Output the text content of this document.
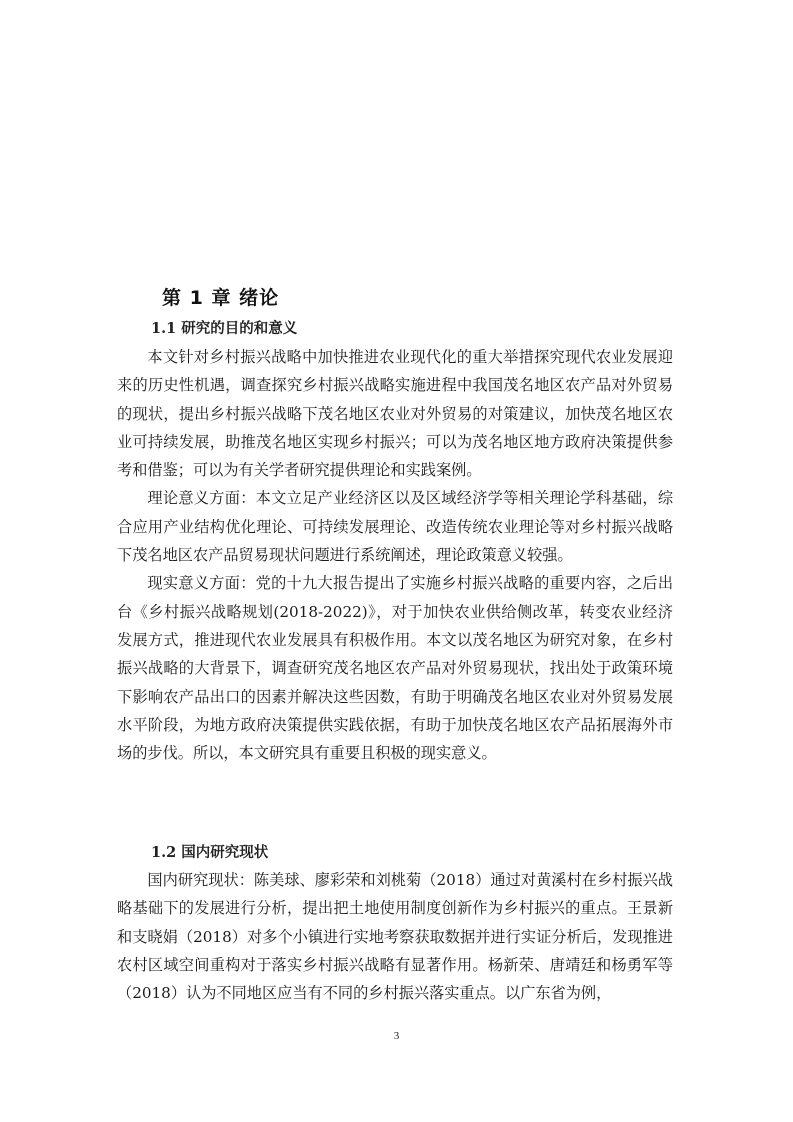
第 1 章 绪论
1.1 研究的目的和意义

本文针对乡村振兴战略中加快推进农业现代化的重大举措探究现代农业发展迎来的历史性机遇，调查探究乡村振兴战略实施进程中我国茂名地区农产品对外贸易的现状，提出乡村振兴战略下茂名地区农业对外贸易的对策建议，加快茂名地区农业可持续发展，助推茂名地区实现乡村振兴；可以为茂名地区地方政府决策提供参考和借鉴；可以为有关学者研究提供理论和实践案例。

理论意义方面：本文立足产业经济区以及区域经济学等相关理论学科基础，综合应用产业结构优化理论、可持续发展理论、改造传统农业理论等对乡村振兴战略下茂名地区农产品贸易现状问题进行系统阐述，理论政策意义较强。

现实意义方面：党的十九大报告提出了实施乡村振兴战略的重要内容，之后出台《乡村振兴战略规划(2018-2022)》，对于加快农业供给侧改革，转变农业经济发展方式，推进现代农业发展具有积极作用。本文以茂名地区为研究对象，在乡村振兴战略的大背景下，调查研究茂名地区农产品对外贸易现状，找出处于政策环境下影响农产品出口的因素并解决这些因数，有助于明确茂名地区农业对外贸易发展水平阶段，为地方政府决策提供实践依据，有助于加快茂名地区农产品拓展海外市场的步伐。所以，本文研究具有重要且积极的现实意义。

1.2 国内研究现状

国内研究现状：陈美球、廖彩荣和刘桃菊（2018）通过对黄溪村在乡村振兴战略基础下的发展进行分析，提出把土地使用制度创新作为乡村振兴的重点。王景新和支晓娟（2018）对多个小镇进行实地考察获取数据并进行实证分析后，发现推进农村区域空间重构对于落实乡村振兴战略有显著作用。杨新荣、唐靖廷和杨勇军等（2018）认为不同地区应当有不同的乡村振兴落实重点。以广东省为例，

3
